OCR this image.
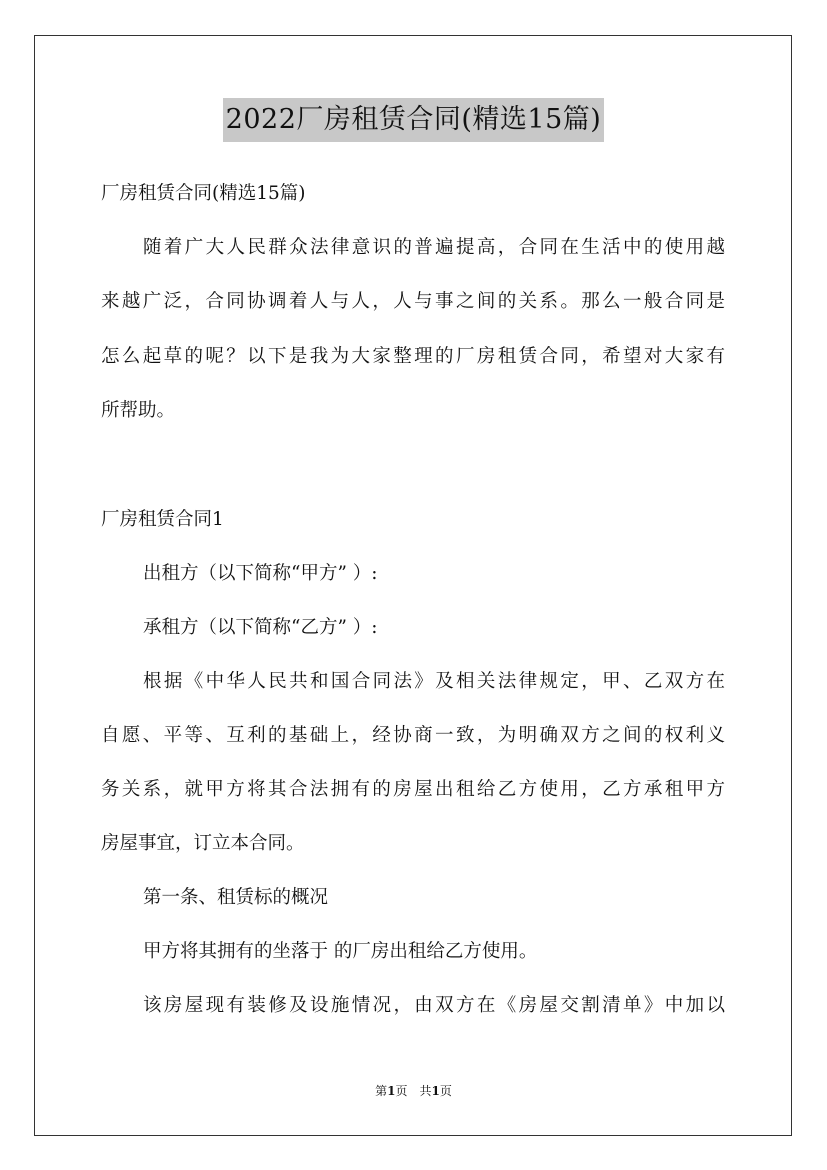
2022厂房租赁合同(精选15篇)
厂房租赁合同(精选15篇)
随着广大人民群众法律意识的普遍提高，合同在生活中的使用越
来越广泛，合同协调着人与人，人与事之间的关系。那么一般合同是
怎么起草的呢？以下是我为大家整理的厂房租赁合同，希望对大家有
所帮助。
厂房租赁合同1
出租方（以下简称“甲方” ）:
承租方（以下简称“乙方” ）:
根据《中华人民共和国合同法》及相关法律规定，甲、乙双方在
自愿、平等、互利的基础上，经协商一致，为明确双方之间的权利义
务关系，就甲方将其合法拥有的房屋出租给乙方使用，乙方承租甲方
房屋事宜，订立本合同。
第一条、租赁标的概况
甲方将其拥有的坐落于 的厂房出租给乙方使用。
该房屋现有装修及设施情况，由双方在《房屋交割清单》中加以
第1页 共1页
